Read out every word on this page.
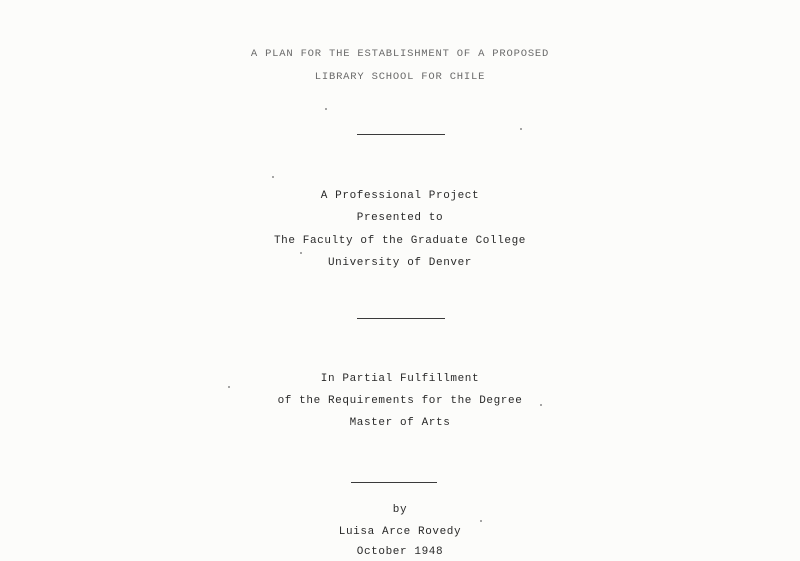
A PLAN FOR THE ESTABLISHMENT OF A PROPOSED
LIBRARY SCHOOL FOR CHILE
A Professional Project
Presented to
The Faculty of the Graduate College
University of Denver
In Partial Fulfillment
of the Requirements for the Degree
Master of Arts
by
Luisa Arce Rovedy
October 1948
